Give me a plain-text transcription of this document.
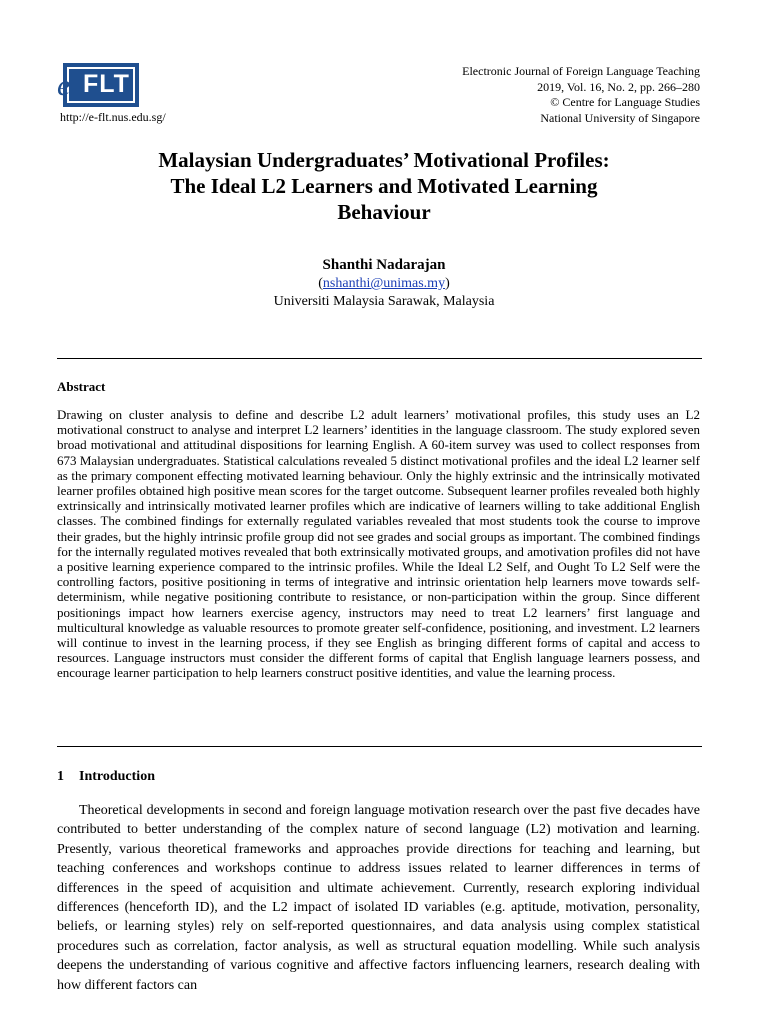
e FLT
http://e-flt.nus.edu.sg/
Electronic Journal of Foreign Language Teaching
2019, Vol. 16, No. 2, pp. 266–280
© Centre for Language Studies
National University of Singapore
Malaysian Undergraduates’ Motivational Profiles:
The Ideal L2 Learners and Motivated Learning
Behaviour
Shanthi Nadarajan
(nshanthi@unimas.my)
Universiti Malaysia Sarawak, Malaysia
Abstract
Drawing on cluster analysis to define and describe L2 adult learners’ motivational profiles, this study uses an L2 motivational construct to analyse and interpret L2 learners’ identities in the language classroom. The study explored seven broad motivational and attitudinal dispositions for learning English. A 60-item survey was used to collect responses from 673 Malaysian undergraduates. Statistical calculations revealed 5 distinct motivational profiles and the ideal L2 learner self as the primary component effecting motivated learning behaviour. Only the highly extrinsic and the intrinsically motivated learner profiles obtained high positive mean scores for the target outcome. Subsequent learner profiles revealed both highly extrinsically and intrinsically motivated learner profiles which are indicative of learners willing to take additional English classes. The combined findings for externally regulated variables revealed that most students took the course to improve their grades, but the highly intrinsic profile group did not see grades and social groups as important. The combined findings for the internally regulated motives revealed that both extrinsically motivated groups, and amotivation profiles did not have a positive learning experience compared to the intrinsic profiles. While the Ideal L2 Self, and Ought To L2 Self were the controlling factors, positive positioning in terms of integrative and intrinsic orientation help learners move towards self-determinism, while negative positioning contribute to resistance, or non-participation within the group. Since different positionings impact how learners exercise agency, instructors may need to treat L2 learners’ first language and multicultural knowledge as valuable resources to promote greater self-confidence, positioning, and investment. L2 learners will continue to invest in the learning process, if they see English as bringing different forms of capital and access to resources. Language instructors must consider the different forms of capital that English language learners possess, and encourage learner participation to help learners construct positive identities, and value the learning process.
1 Introduction
Theoretical developments in second and foreign language motivation research over the past five decades have contributed to better understanding of the complex nature of second language (L2) motivation and learning. Presently, various theoretical frameworks and approaches provide directions for teaching and learning, but teaching conferences and workshops continue to address issues related to learner differences in terms of differences in the speed of acquisition and ultimate achievement. Currently, research exploring individual differences (henceforth ID), and the L2 impact of isolated ID variables (e.g. aptitude, motivation, personality, beliefs, or learning styles) rely on self-reported questionnaires, and data analysis using complex statistical procedures such as correlation, factor analysis, as well as structural equation modelling. While such analysis deepens the understanding of various cognitive and affective factors influencing learners, research dealing with how different factors can
